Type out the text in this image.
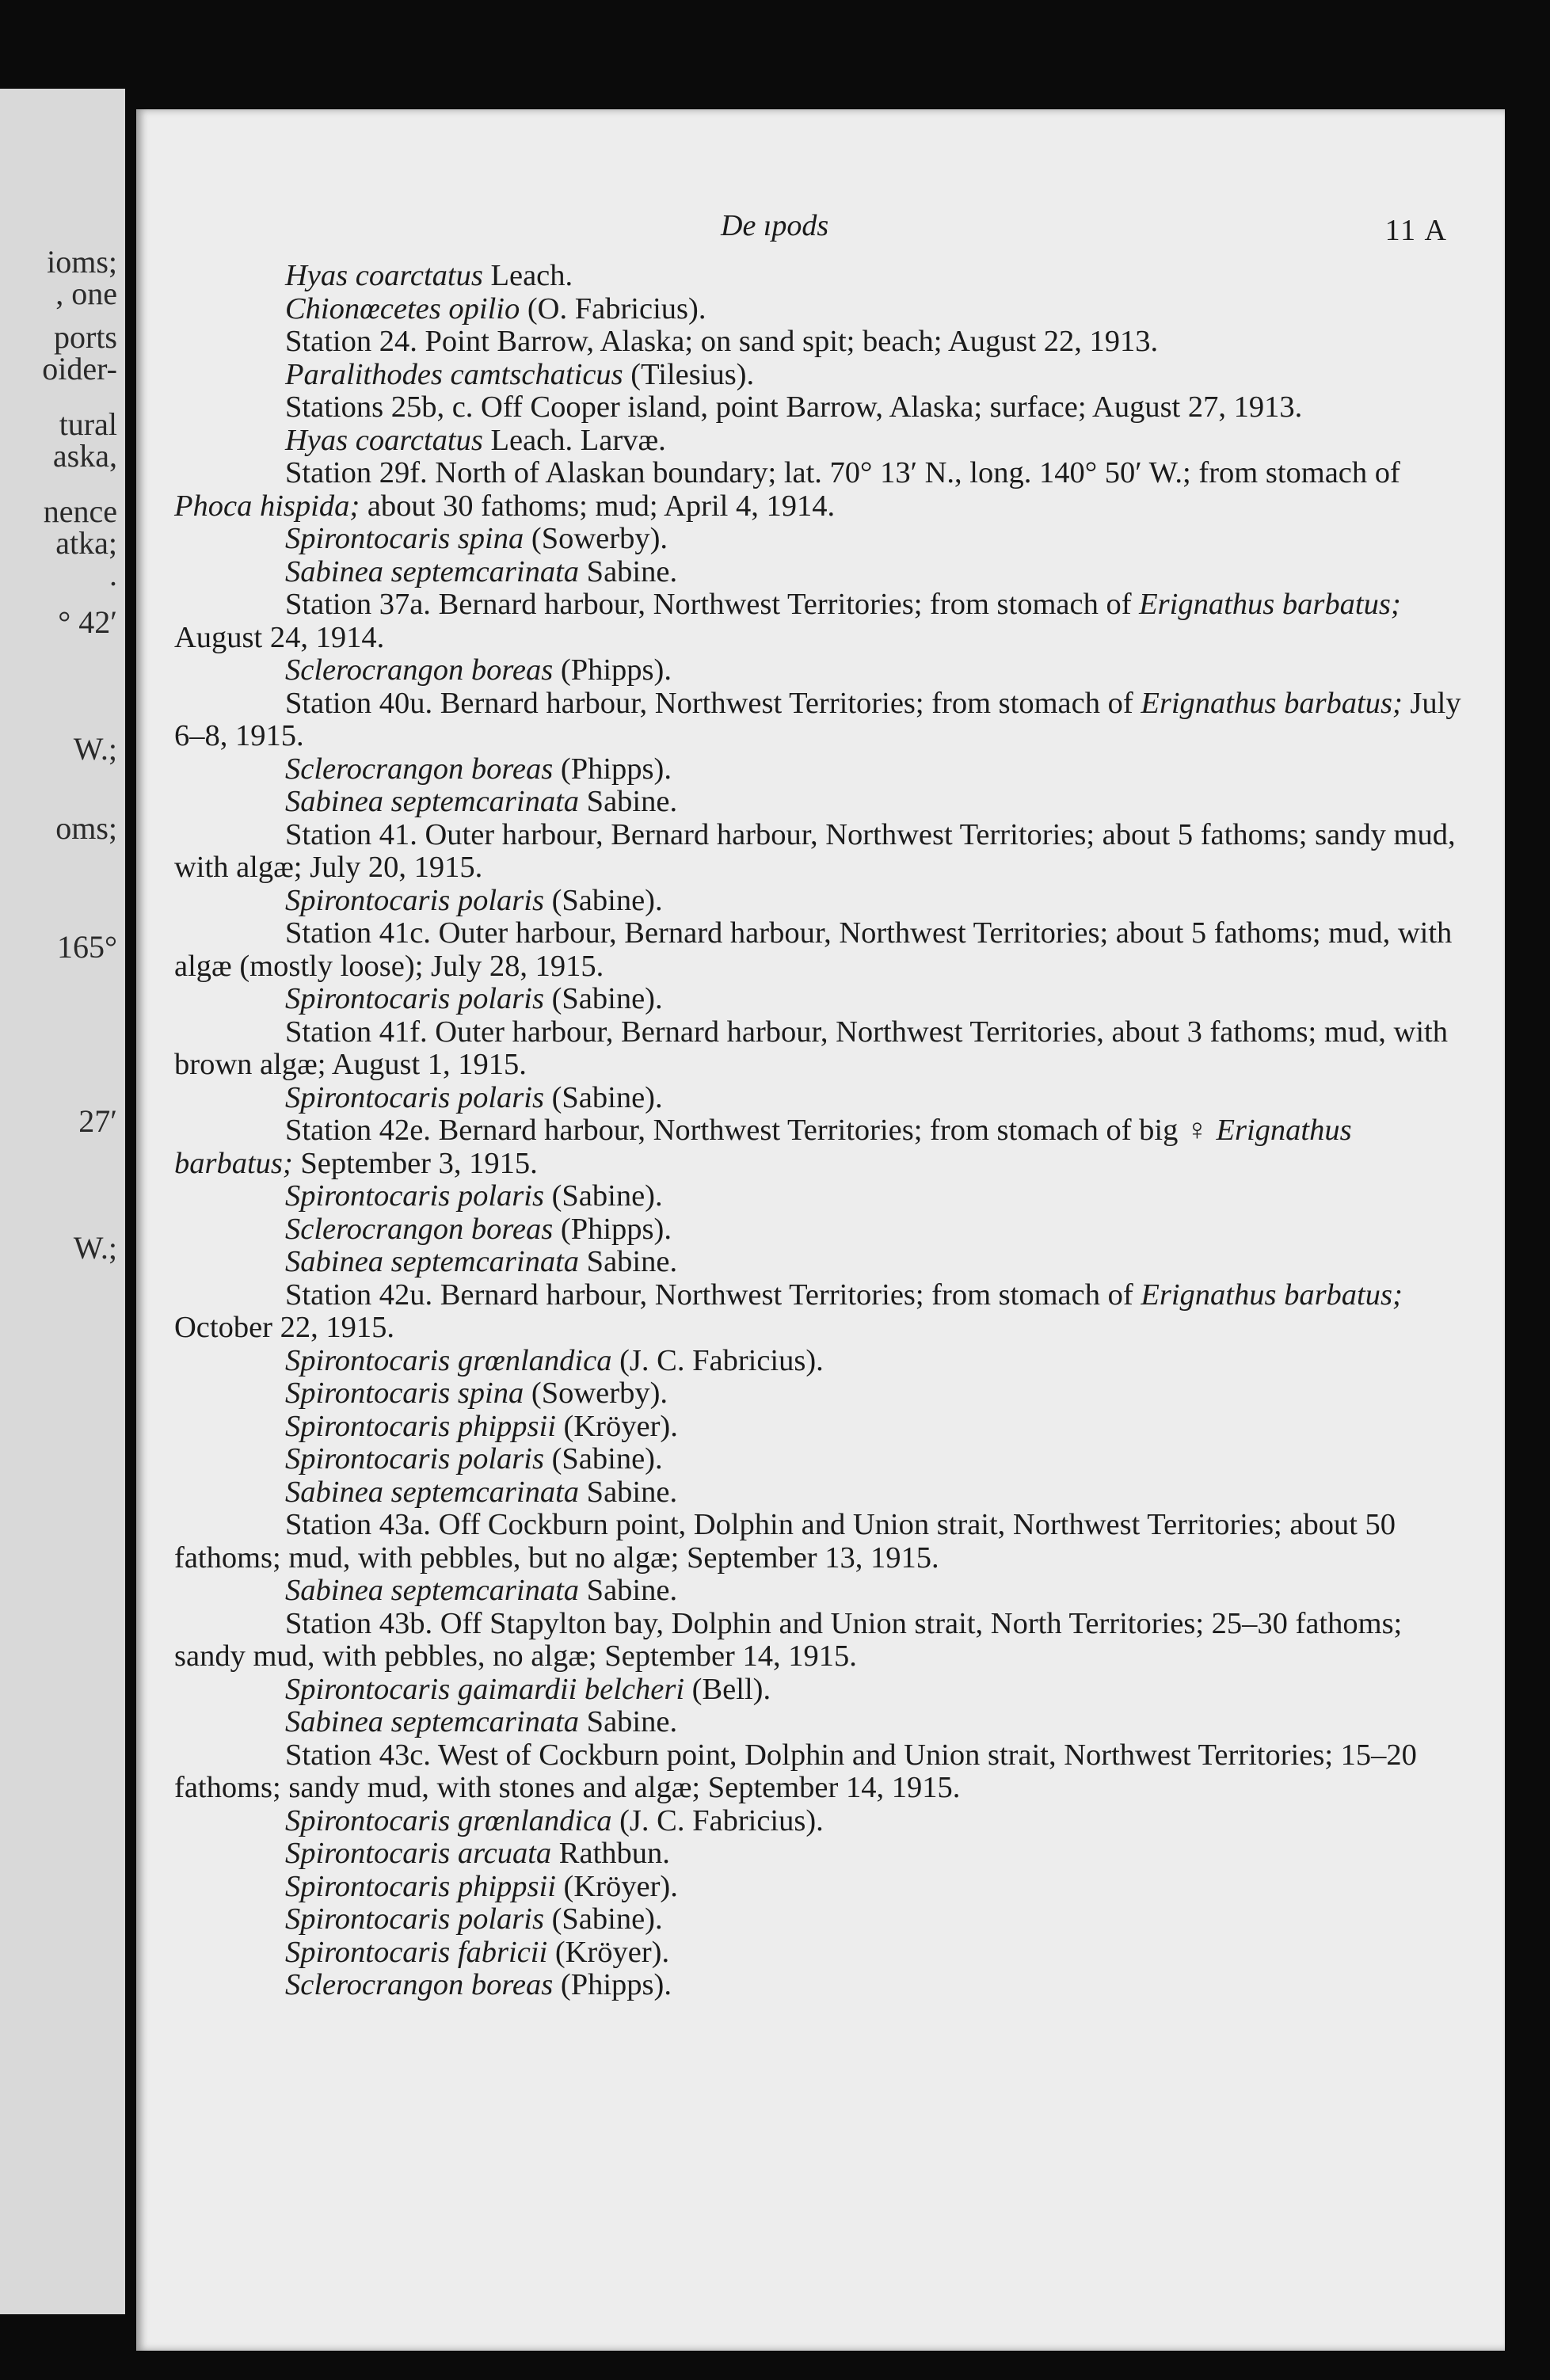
ioms;
, one
ports
oider-
tural
aska,
nence
atka;
.
° 42′
W.;
oms;
165°
27′
W.;
De ıpods	11 A

Hyas coarctatus Leach.

Chionœcetes opilio (O. Fabricius).

Station 24. Point Barrow, Alaska; on sand spit; beach; August 22, 1913.

Paralithodes camtschaticus (Tilesius).

Stations 25b, c. Off Cooper island, point Barrow, Alaska; surface; August 27, 1913.

Hyas coarctatus Leach. Larvæ.

Station 29f. North of Alaskan boundary; lat. 70° 13′ N., long. 140° 50′ W.; from stomach of Phoca hispida; about 30 fathoms; mud; April 4, 1914.

Spirontocaris spina (Sowerby).

Sabinea septemcarinata Sabine.

Station 37a. Bernard harbour, Northwest Territories; from stomach of Erignathus barbatus; August 24, 1914.

Sclerocrangon boreas (Phipps).

Station 40u. Bernard harbour, Northwest Territories; from stomach of Erignathus barbatus; July 6–8, 1915.

Sclerocrangon boreas (Phipps).

Sabinea septemcarinata Sabine.

Station 41. Outer harbour, Bernard harbour, Northwest Territories; about 5 fathoms; sandy mud, with algæ; July 20, 1915.

Spirontocaris polaris (Sabine).

Station 41c. Outer harbour, Bernard harbour, Northwest Territories; about 5 fathoms; mud, with algæ (mostly loose); July 28, 1915.

Spirontocaris polaris (Sabine).

Station 41f. Outer harbour, Bernard harbour, Northwest Territories, about 3 fathoms; mud, with brown algæ; August 1, 1915.

Spirontocaris polaris (Sabine).

Station 42e. Bernard harbour, Northwest Territories; from stomach of big ♀ Erignathus barbatus; September 3, 1915.

Spirontocaris polaris (Sabine).

Sclerocrangon boreas (Phipps).

Sabinea septemcarinata Sabine.

Station 42u. Bernard harbour, Northwest Territories; from stomach of Erignathus barbatus; October 22, 1915.

Spirontocaris grœnlandica (J. C. Fabricius).

Spirontocaris spina (Sowerby).

Spirontocaris phippsii (Kröyer).

Spirontocaris polaris (Sabine).

Sabinea septemcarinata Sabine.

Station 43a. Off Cockburn point, Dolphin and Union strait, Northwest Territories; about 50 fathoms; mud, with pebbles, but no algæ; September 13, 1915.

Sabinea septemcarinata Sabine.

Station 43b. Off Stapylton bay, Dolphin and Union strait, North Territories; 25–30 fathoms; sandy mud, with pebbles, no algæ; September 14, 1915.

Spirontocaris gaimardii belcheri (Bell).

Sabinea septemcarinata Sabine.

Station 43c. West of Cockburn point, Dolphin and Union strait, Northwest Territories; 15–20 fathoms; sandy mud, with stones and algæ; September 14, 1915.

Spirontocaris grœnlandica (J. C. Fabricius).

Spirontocaris arcuata Rathbun.

Spirontocaris phippsii (Kröyer).

Spirontocaris polaris (Sabine).

Spirontocaris fabricii (Kröyer).

Sclerocrangon boreas (Phipps).
